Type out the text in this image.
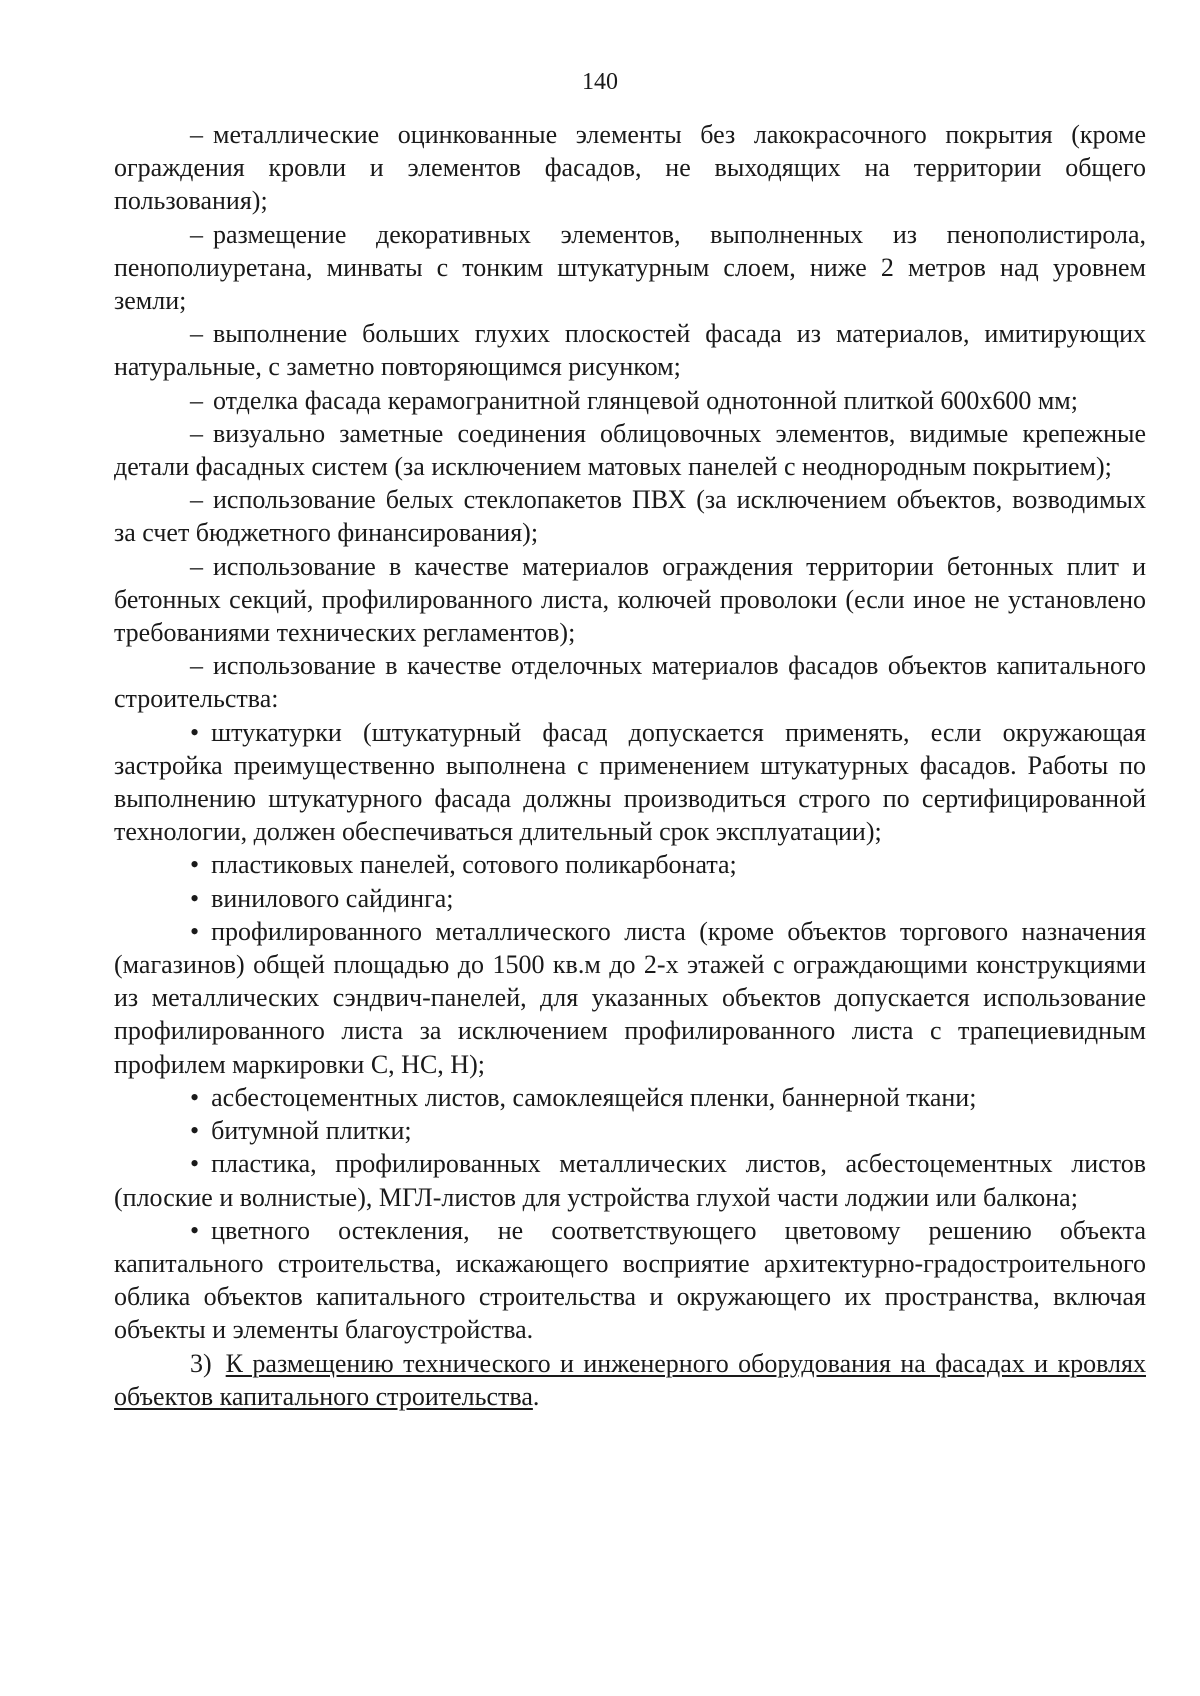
140

– металлические оцинкованные элементы без лакокрасочного покрытия (кроме ограждения кровли и элементов фасадов, не выходящих на территории общего пользования);

– размещение декоративных элементов, выполненных из пенополистирола, пенополиуретана, минваты с тонким штукатурным слоем, ниже 2 метров над уровнем земли;

– выполнение больших глухих плоскостей фасада из материалов, имитирующих натуральные, с заметно повторяющимся рисунком;

– отделка фасада керамогранитной глянцевой однотонной плиткой 600х600 мм;

– визуально заметные соединения облицовочных элементов, видимые крепежные детали фасадных систем (за исключением матовых панелей с неоднородным покрытием);

– использование белых стеклопакетов ПВХ (за исключением объектов, возводимых за счет бюджетного финансирования);

– использование в качестве материалов ограждения территории бетонных плит и бетонных секций, профилированного листа, колючей проволоки (если иное не установлено требованиями технических регламентов);

– использование в качестве отделочных материалов фасадов объектов капитального строительства:

• штукатурки (штукатурный фасад допускается применять, если окружающая застройка преимущественно выполнена с применением штукатурных фасадов. Работы по выполнению штукатурного фасада должны производиться строго по сертифицированной технологии, должен обеспечиваться длительный срок эксплуатации);

• пластиковых панелей, сотового поликарбоната;

• винилового сайдинга;

• профилированного металлического листа (кроме объектов торгового назначения (магазинов) общей площадью до 1500 кв.м до 2-х этажей с ограждающими конструкциями из металлических сэндвич-панелей, для указанных объектов допускается использование профилированного листа за исключением профилированного листа с трапециевидным профилем маркировки С, НС, Н);

• асбестоцементных листов, самоклеящейся пленки, баннерной ткани;

• битумной плитки;

• пластика, профилированных металлических листов, асбестоцементных листов (плоские и волнистые), МГЛ-листов для устройства глухой части лоджии или балкона;

• цветного остекления, не соответствующего цветовому решению объекта капитального строительства, искажающего восприятие архитектурно-градостроительного облика объектов капитального строительства и окружающего их пространства, включая объекты и элементы благоустройства.

3) К размещению технического и инженерного оборудования на фасадах и кровлях объектов капитального строительства.
